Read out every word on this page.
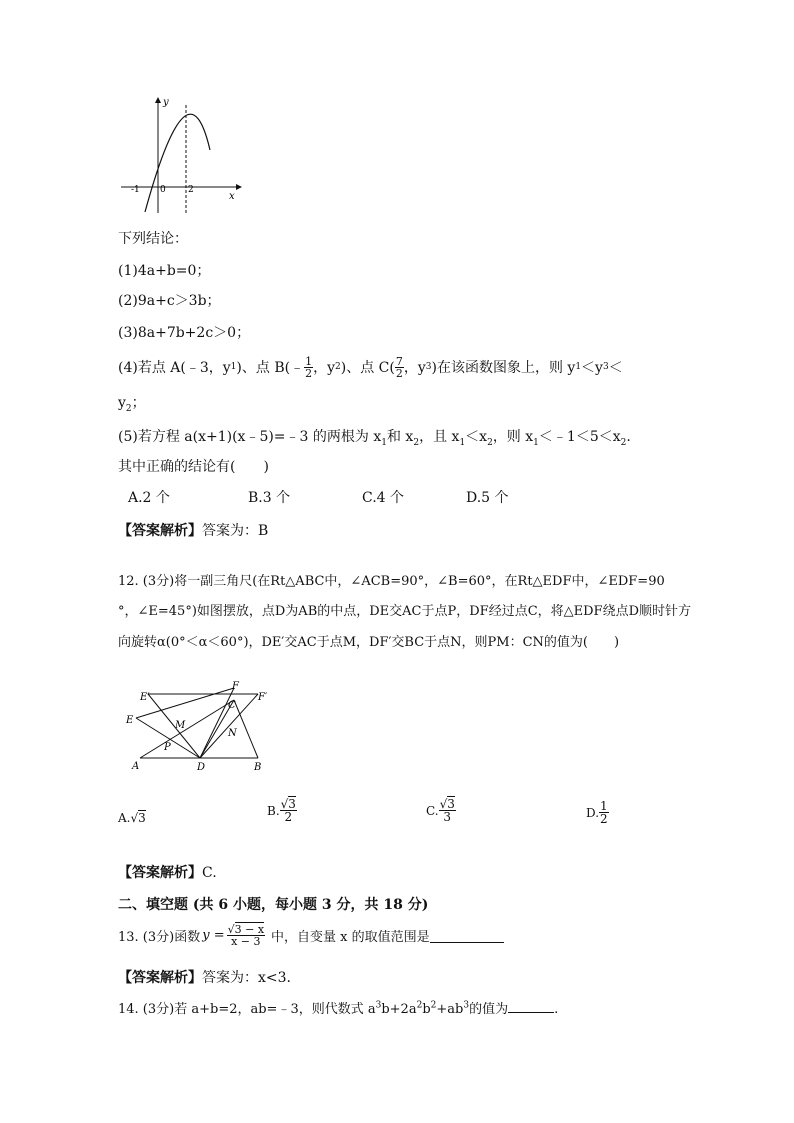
y
x
-1 0 2
下列结论：
(1)4a+b=0；
(2)9a+c＞3b；
(3)8a+7b+2c＞0；
(4)若点 A(﹣3，y 1 )、点 B(﹣ $\frac{1}{2}$ ，y 2 )、点 $C( \frac{7}{2}$ ，y 3 )在该函数图象上，则 y 1 ＜y 3 ＜
$y_2$；
(5)若方程 a(x+1)(x﹣5)=﹣3 的两根为 $x_1$和 $x_2$，且 $x_1<x_2$，则 $x_1<﹣1<5<x_2$.
其中正确的结论有(　　)
A.2 个	B.3 个	C.4 个	D.5 个
【答案解析】答案为：B
12. (3分)将一副三角尺(在Rt△ABC中，∠ACB=90°，∠B=60°，在Rt△EDF中，∠EDF=90
°，∠E=45°)如图摆放，点D为AB的中点，DE交AC于点P，DF经过点C，将△EDF绕点D顺时针方
向旋转α(0°＜α＜60°)，DE′交AC于点M，DF′交BC于点N，则PM：CN的值为(　　)
E′
F
F′
C
E	M
N
P
A	D	B
A. √ 3
B. $\frac{√3}{2}$	C. $\frac{√3}{3}$	D. $\frac{1}{2}$
【答案解析】C.
二、填空题 (共 6 小题，每小题 3 分，共 18 分)
13. (3分)函数 $y = \frac{√3 - x}{x - 3}$ 中，自变量 x 的取值范围是
【答案解析】答案为：x<3.
14. (3分)若 a+b=2，ab=﹣3，则代数式 $a^3b+2a^2b^2+ab^3$的值为	.
